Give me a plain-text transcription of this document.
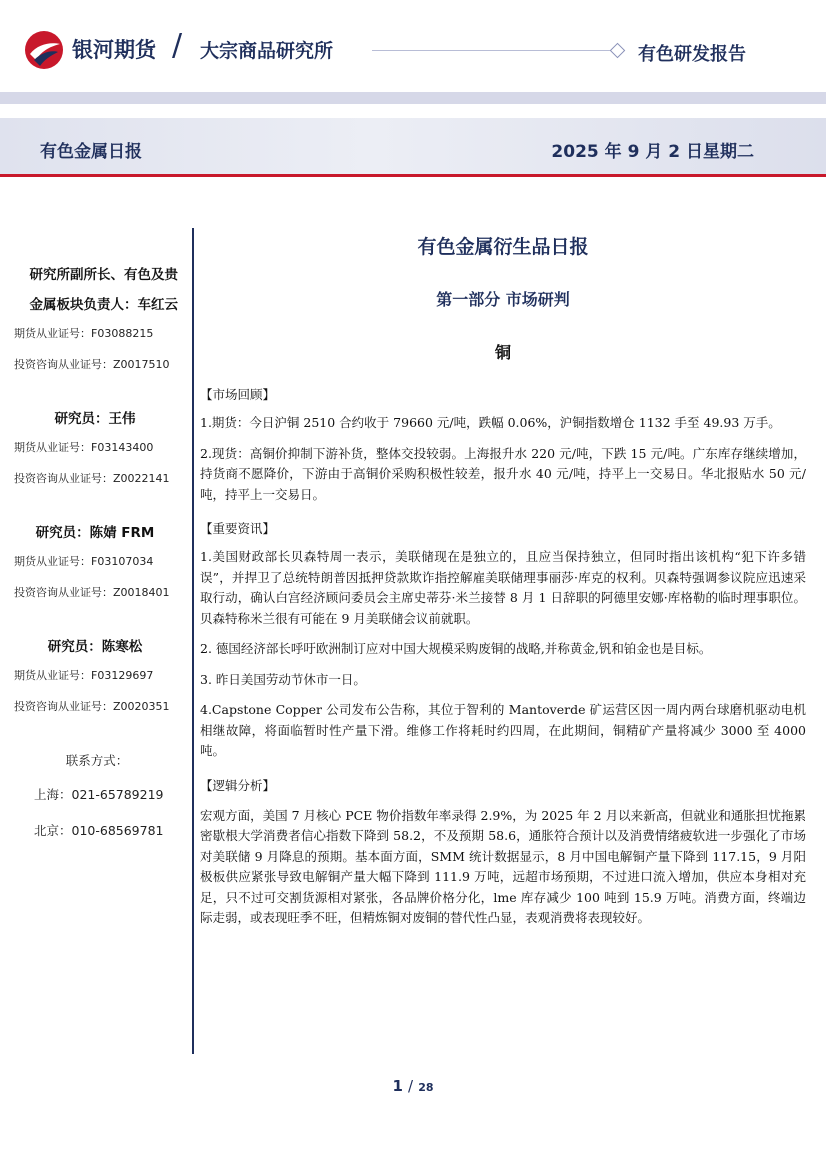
银河期货 / 大宗商品研究所	有色研发报告
有色金属日报	2025 年 9 月 2 日星期二
研究所副所长、有色及贵
金属板块负责人：车红云
期货从业证号：F03088215
投资咨询从业证号：Z0017510
研究员：王伟
期货从业证号：F03143400
投资咨询从业证号：Z0022141
研究员：陈婧 FRM
期货从业证号：F03107034
投资咨询从业证号：Z0018401
研究员：陈寒松
期货从业证号：F03129697
投资咨询从业证号：Z0020351
联系方式：
上海：021-65789219
北京：010-68569781
有色金属衍生品日报
第一部分 市场研判
铜
【市场回顾】
1.期货：今日沪铜 2510 合约收于 79660 元/吨，跌幅 0.06%，沪铜指数增仓 1132 手至 49.93 万手。
2.现货：高铜价抑制下游补货，整体交投较弱。上海报升水 220 元/吨，下跌 15 元/吨。广东库存继续增加，持货商不愿降价，下游由于高铜价采购积极性较差，报升水 40 元/吨，持平上一交易日。华北报贴水 50 元/吨，持平上一交易日。
【重要资讯】
1.美国财政部长贝森特周一表示，美联储现在是独立的，且应当保持独立，但同时指出该机构“犯下许多错误”，并捍卫了总统特朗普因抵押贷款欺诈指控解雇美联储理事丽莎·库克的权利。贝森特强调参议院应迅速采取行动，确认白宫经济顾问委员会主席史蒂芬·米兰接替 8 月 1 日辞职的阿德里安娜·库格勒的临时理事职位。贝森特称米兰很有可能在 9 月美联储会议前就职。
2. 德国经济部长呼吁欧洲制订应对中国大规模采购废铜的战略,并称黄金,钒和铂金也是目标。
3. 昨日美国劳动节休市一日。
4.Capstone Copper 公司发布公告称，其位于智利的 Mantoverde 矿运营区因一周内两台球磨机驱动电机相继故障，将面临暂时性产量下滑。维修工作将耗时约四周，在此期间，铜精矿产量将减少 3000 至 4000 吨。
【逻辑分析】
宏观方面，美国 7 月核心 PCE 物价指数年率录得 2.9%，为 2025 年 2 月以来新高，但就业和通胀担忧拖累密歇根大学消费者信心指数下降到 58.2，不及预期 58.6，通胀符合预计以及消费情绪疲软进一步强化了市场对美联储 9 月降息的预期。基本面方面，SMM 统计数据显示，8 月中国电解铜产量下降到 117.15，9 月阳极板供应紧张导致电解铜产量大幅下降到 111.9 万吨，远超市场预期，不过进口流入增加，供应本身相对充足，只不过可交割货源相对紧张，各品牌价格分化，lme 库存减少 100 吨到 15.9 万吨。消费方面，终端边际走弱，或表现旺季不旺，但精炼铜对废铜的替代性凸显，表观消费将表现较好。
1 / 28
